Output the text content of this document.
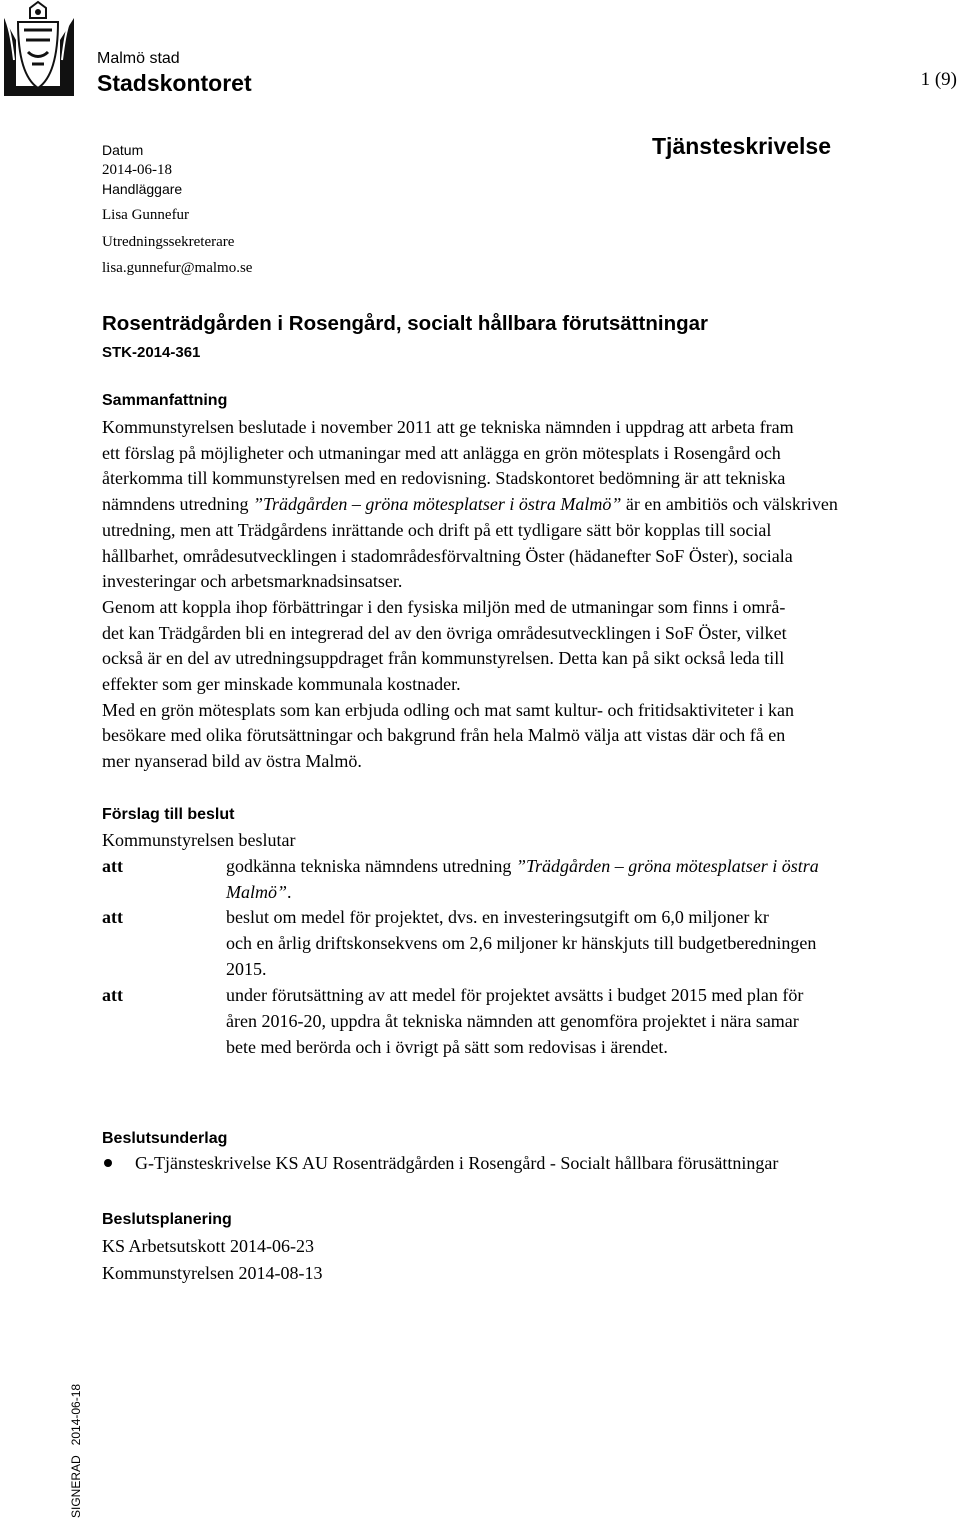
Malmö stad
Stadskontoret	1 (9)
Tjänsteskrivelse
Datum
2014-06-18
Handläggare
Lisa Gunnefur
Utredningssekreterare
lisa.gunnefur@malmo.se
Rosenträdgården i Rosengård, socialt hållbara förutsättningar
STK-2014-361
Sammanfattning
Kommunstyrelsen beslutade i november 2011 att ge tekniska nämnden i uppdrag att arbeta fram
ett förslag på möjligheter och utmaningar med att anlägga en grön mötesplats i Rosengård och
återkomma till kommunstyrelsen med en redovisning. Stadskontoret bedömning är att tekniska
nämndens utredning ”Trädgården – gröna mötesplatser i östra Malmö” är en ambitiös och välskriven
utredning, men att Trädgårdens inrättande och drift på ett tydligare sätt bör kopplas till social
hållbarhet, områdesutvecklingen i stadområdesförvaltning Öster (hädanefter SoF Öster), sociala
investeringar och arbetsmarknadsinsatser.
Genom att koppla ihop förbättringar i den fysiska miljön med de utmaningar som finns i områ-
det kan Trädgården bli en integrerad del av den övriga områdesutvecklingen i SoF Öster, vilket
också är en del av utredningsuppdraget från kommunstyrelsen. Detta kan på sikt också leda till
effekter som ger minskade kommunala kostnader.
Med en grön mötesplats som kan erbjuda odling och mat samt kultur- och fritidsaktiviteter i kan
besökare med olika förutsättningar och bakgrund från hela Malmö välja att vistas där och få en
mer nyanserad bild av östra Malmö.
Förslag till beslut
Kommunstyrelsen beslutar
att	godkänna tekniska nämndens utredning ”Trädgården – gröna mötesplatser i östra
Malmö”.
att	beslut om medel för projektet, dvs. en investeringsutgift om 6,0 miljoner kr
och en årlig driftskonsekvens om 2,6 miljoner kr hänskjuts till budgetberedningen
2015.
att	under förutsättning av att medel för projektet avsätts i budget 2015 med plan för
åren 2016-20, uppdra åt tekniska nämnden att genomföra projektet i nära samar
bete med berörda och i övrigt på sätt som redovisas i ärendet.
Beslutsunderlag
G-Tjänsteskrivelse KS AU Rosenträdgården i Rosengård - Socialt hållbara förusättningar
Beslutsplanering
KS Arbetsutskott 2014-06-23
Kommunstyrelsen 2014-08-13
SIGNERAD   2014-06-18
